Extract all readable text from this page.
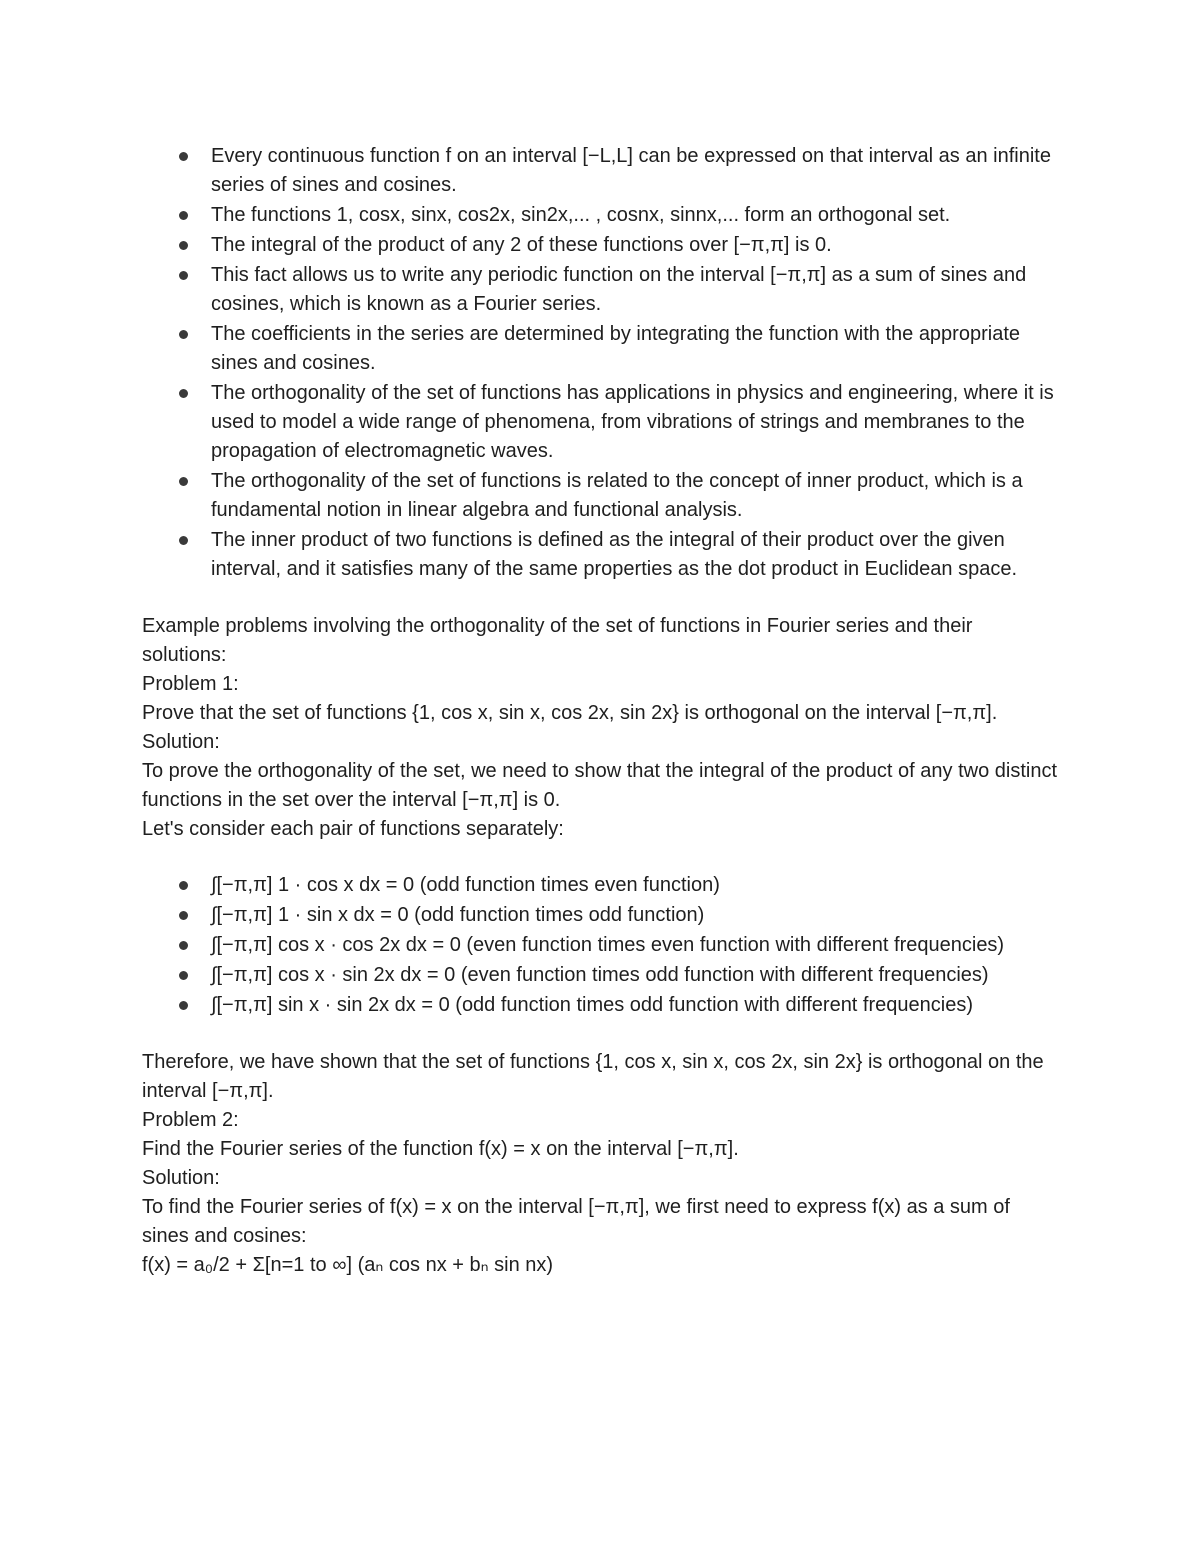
Every continuous function f on an interval [−L,L] can be expressed on that interval as an infinite series of sines and cosines.
The functions 1, cosx, sinx, cos2x, sin2x,... , cosnx, sinnx,... form an orthogonal set.
The integral of the product of any 2 of these functions over [−π,π] is 0.
This fact allows us to write any periodic function on the interval [−π,π] as a sum of sines and cosines, which is known as a Fourier series.
The coefficients in the series are determined by integrating the function with the appropriate sines and cosines.
The orthogonality of the set of functions has applications in physics and engineering, where it is used to model a wide range of phenomena, from vibrations of strings and membranes to the propagation of electromagnetic waves.
The orthogonality of the set of functions is related to the concept of inner product, which is a fundamental notion in linear algebra and functional analysis.
The inner product of two functions is defined as the integral of their product over the given interval, and it satisfies many of the same properties as the dot product in Euclidean space.

Example problems involving the orthogonality of the set of functions in Fourier series and their solutions:

Problem 1:

Prove that the set of functions {1, cos x, sin x, cos 2x, sin 2x} is orthogonal on the interval [−π,π].

Solution:

To prove the orthogonality of the set, we need to show that the integral of the product of any two distinct functions in the set over the interval [−π,π] is 0.

Let's consider each pair of functions separately:

∫[−π,π] 1 · cos x dx = 0 (odd function times even function)
∫[−π,π] 1 · sin x dx = 0 (odd function times odd function)
∫[−π,π] cos x · cos 2x dx = 0 (even function times even function with different frequencies)
∫[−π,π] cos x · sin 2x dx = 0 (even function times odd function with different frequencies)
∫[−π,π] sin x · sin 2x dx = 0 (odd function times odd function with different frequencies)

Therefore, we have shown that the set of functions {1, cos x, sin x, cos 2x, sin 2x} is orthogonal on the interval [−π,π].

Problem 2:

Find the Fourier series of the function f(x) = x on the interval [−π,π].

Solution:

To find the Fourier series of f(x) = x on the interval [−π,π], we first need to express f(x) as a sum of sines and cosines:

f(x) = a₀/2 + Σ[n=1 to ∞] (aₙ cos nx + bₙ sin nx)
